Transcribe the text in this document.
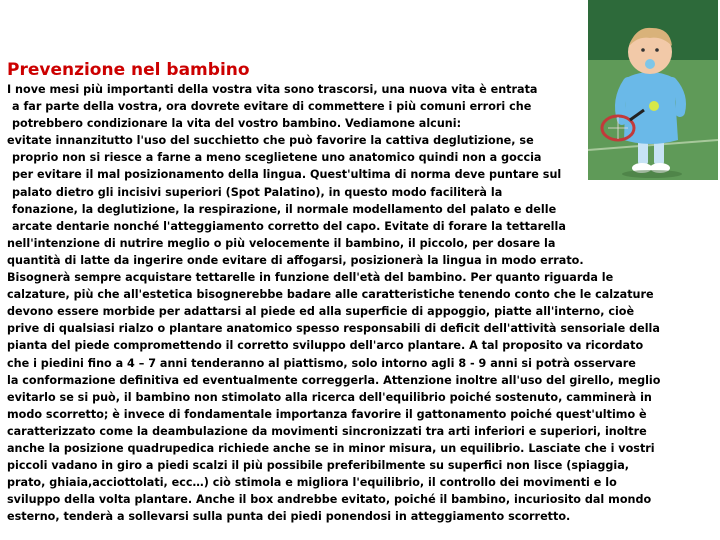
Prevenzione nel bambino
I nove mesi più importanti della vostra vita sono trascorsi, una nuova vita è entrata
a far parte della vostra, ora dovrete evitare di commettere i più comuni errori che
potrebbero condizionare la vita del vostro bambino. Vediamone alcuni:
evitate innanzitutto l'uso del succhietto che può favorire la cattiva deglutizione, se
proprio non si riesce a farne a meno sceglietene uno anatomico quindi non a goccia
per evitare il mal posizionamento della lingua. Quest'ultima di norma deve puntare sul
palato dietro gli incisivi superiori (Spot Palatino), in questo modo faciliterà la
fonazione, la deglutizione, la respirazione, il normale modellamento del palato e delle
arcate dentarie nonché l'atteggiamento corretto del capo. Evitate di forare la tettarella
nell'intenzione di nutrire meglio o più velocemente il bambino, il piccolo, per dosare la
quantità di latte da ingerire onde evitare di affogarsi, posizionerà la lingua in modo errato.
Bisognerà sempre acquistare tettarelle in funzione dell'età del bambino. Per quanto riguarda le
calzature, più che all'estetica bisognerebbe badare alle caratteristiche tenendo conto che le calzature
devono essere morbide per adattarsi al piede ed alla superficie di appoggio, piatte all'interno, cioè
prive di qualsiasi rialzo o plantare anatomico spesso responsabili di deficit dell'attività sensoriale della
pianta del piede compromettendo il corretto sviluppo dell'arco plantare. A tal proposito va ricordato
che i piedini fino a 4 – 7 anni tenderanno al piattismo, solo intorno agli 8 - 9 anni si potrà osservare
la conformazione definitiva ed eventualmente correggerla. Attenzione inoltre all'uso del girello, meglio
evitarlo se si può, il bambino non stimolato alla ricerca dell'equilibrio poiché sostenuto, camminerà in
modo scorretto; è invece di fondamentale importanza favorire il gattonamento poiché quest'ultimo è
caratterizzato come la deambulazione da movimenti sincronizzati tra arti inferiori e superiori, inoltre
anche la posizione quadrupedica richiede anche se in minor misura, un equilibrio. Lasciate che i vostri
piccoli vadano in giro a piedi scalzi il più possibile preferibilmente su superfici non lisce (spiaggia,
prato, ghiaia,acciottolati, ecc…) ciò stimola e migliora l'equilibrio, il controllo dei movimenti e lo
sviluppo della volta plantare. Anche il box andrebbe evitato, poiché il bambino, incuriosito dal mondo
esterno, tenderà a sollevarsi sulla punta dei piedi ponendosi in atteggiamento scorretto.
